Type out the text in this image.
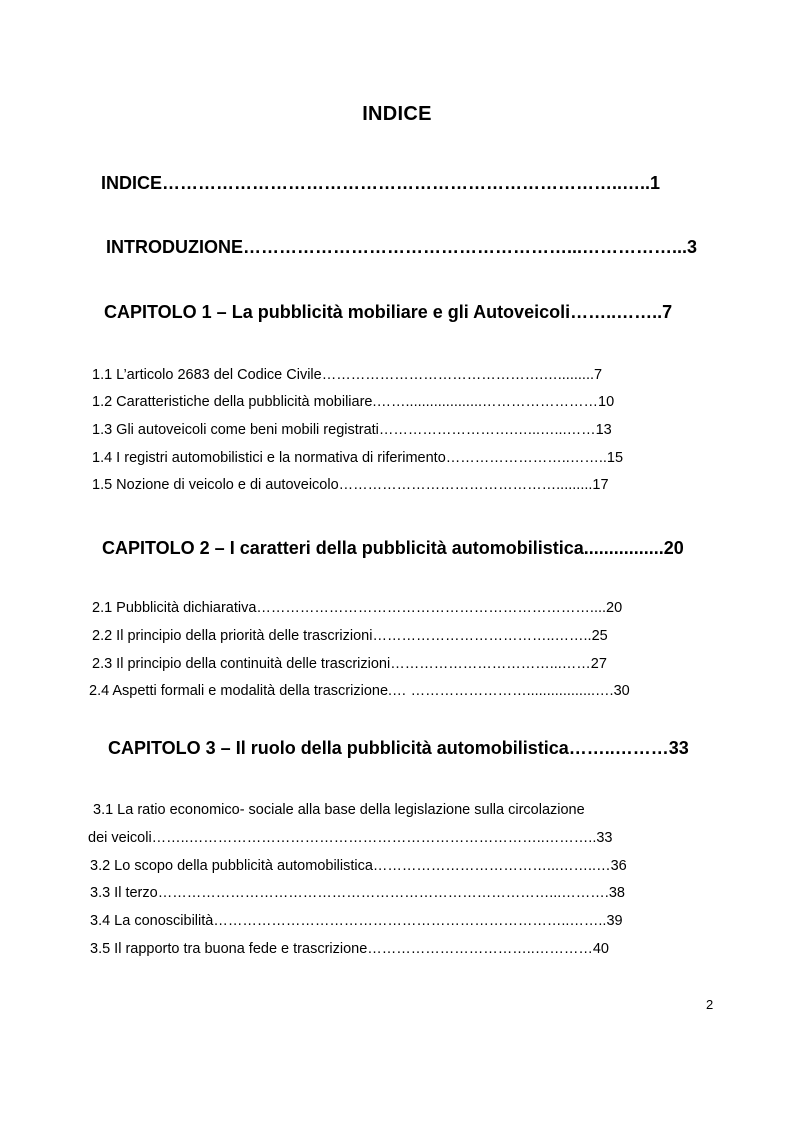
INDICE
INDICE…………………………………………………………………..…..1
INTRODUZIONE………………………………………………...……………...3
CAPITOLO 1 – La pubblicità mobiliare e gli Autoveicoli……..……..7
1.1 L’articolo 2683 del Codice Civile……………………………………….….........7
1.2 Caratteristiche della pubblicità mobiliare.……...................……………………10
1.3 Gli autoveicoli come beni mobili registrati……………………….…...…...……13
1.4 I registri automobilistici e la normativa di riferimento……………………..……..15
1.5 Nozione di veicolo e di autoveicolo……………………………………….........17
CAPITOLO 2 – I caratteri della pubblicità automobilistica................20
2.1 Pubblicità dichiarativa……………………………………………………………....20
2.2 Il principio della priorità delle trascrizioni………………………………..……..25
2.3 Il principio della continuità delle trascrizioni……………………………...……27
2.4 Aspetti formali e modalità della trascrizione.… …………………….................….30
CAPITOLO 3 – Il ruolo della pubblicità automobilistica……..………33
3.1 La ratio economico- sociale alla base della legislazione sulla circolazione
dei veicoli……..………………………………………………………………..………..33
3.2 Lo scopo della pubblicità automobilistica………………………………...……..…36
3.3 Il terzo………………………………………………………………………...……….38
3.4 La conoscibilità………………………………………………………………..……..39
3.5 Il rapporto tra buona fede e trascrizione……………………………..…………40
2
